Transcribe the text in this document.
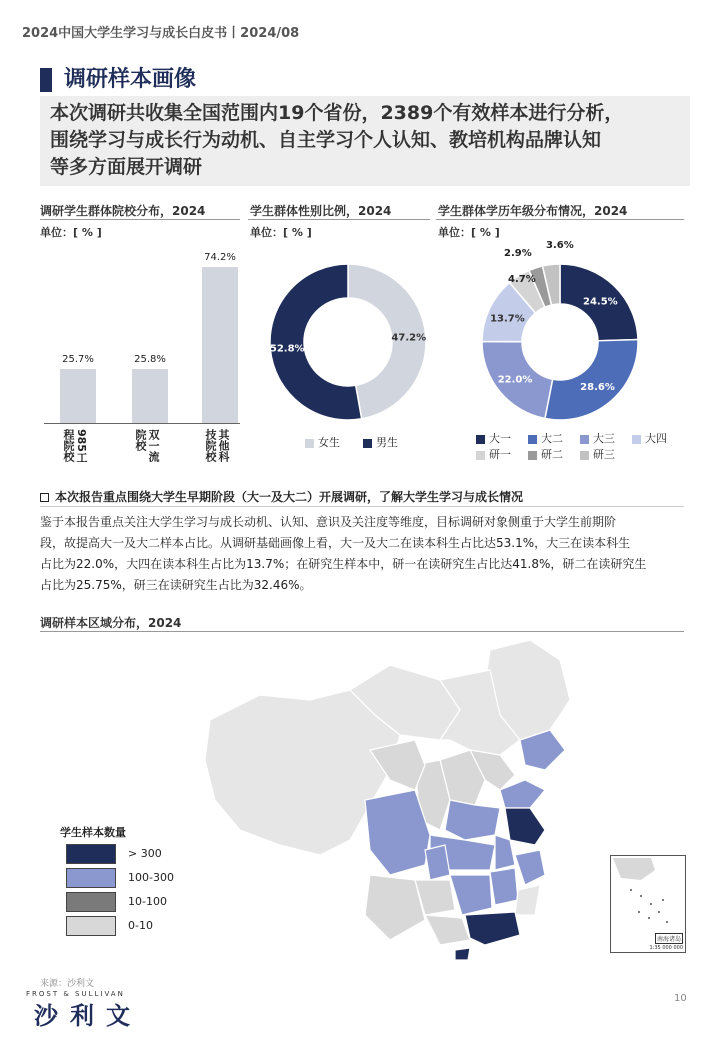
2024中国大学生学习与成长白皮书丨2024/08
调研样本画像
本次调研共收集全国范围内19个省份，2389个有效样本进行分析，
围绕学习与成长行为动机、自主学习个人认知、教培机构品牌认知
等多方面展开调研
调研学生群体院校分布，2024
单位：[ % ]
25.7%
985工
程院校
25.8%
双一流
院校
74.2%
其他科
技院校
学生群体性别比例，2024
单位：[ % ]
47.2%
52.8%
女生	男生
学生群体学历年级分布情况，2024
单位：[ % ]
24.5%
28.6%
22.0%
13.7%
4.7%
2.9%
3.6%
大一	大二	大三	大四
研一	研二	研三
本次报告重点围绕大学生早期阶段（大一及大二）开展调研，了解大学生学习与成长情况
鉴于本报告重点关注大学生学习与成长动机、认知、意识及关注度等维度，目标调研对象侧重于大学生前期阶
段，故提高大一及大二样本占比。从调研基础画像上看，大一及大二在读本科生占比达53.1%，大三在读本科生
占比为22.0%，大四在读本科生占比为13.7%；在研究生样本中，研一在读研究生占比达41.8%，研二在读研究生
占比为25.75%，研三在读研究生占比为32.46%。
调研样本区域分布，2024
南海诸岛
1:35 000 000
学生样本数量
> 300
100-300
10-100
0-10
来源：沙利文
FROST & SULLIVAN
沙利文
10
